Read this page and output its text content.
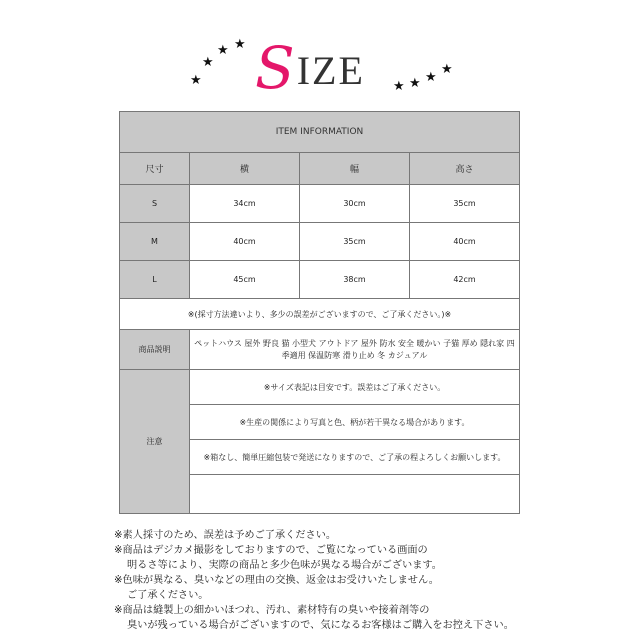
★
★
★ ★ SIZE ★ ★ ★
★
ITEM INFORMATION			
尺寸	横	幅	高さ
S	34cm	30cm	35cm
M	40cm	35cm	40cm
L	45cm	38cm	42cm
※(採寸方法違いより、多少の誤差がございますので、ご了承ください。)※			
商品説明	ペットハウス 屋外 野良 猫 小型犬 アウトドア 屋外 防水 安全 暖かい 子猫 厚め 隠れ家 四季適用 保温防寒 滑り止め 冬 カジュアル		

注意	※サイズ表記は目安です。誤差はご了承ください。		
	※生産の関係により写真と色、柄が若干異なる場合があります。		
	※箱なし、簡単圧縮包装で発送になりますので、ご了承の程よろしくお願いします。		

※素人採寸のため、誤差は予めご了承ください。
※商品はデジカメ撮影をしておりますので、ご覧になっている画面の
明るさ等により、実際の商品と多少色味が異なる場合がございます。
※色味が異なる、臭いなどの理由の交換、返金はお受けいたしません。
ご了承ください。
※商品は縫製上の細かいほつれ、汚れ、素材特有の臭いや接着剤等の
臭いが残っている場合がございますので、気になるお客様はご購入をお控え下さい。
